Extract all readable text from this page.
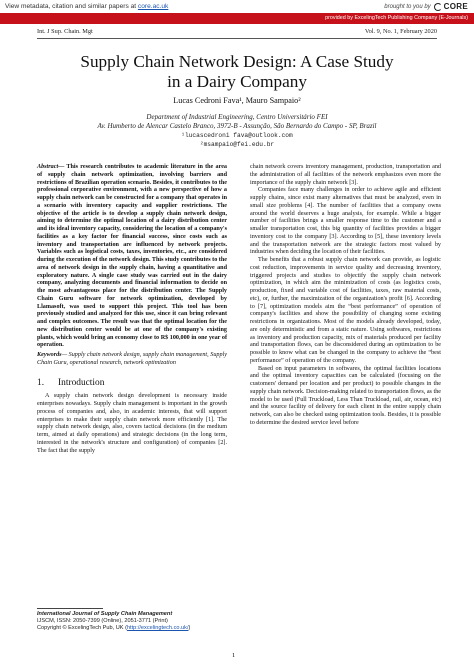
View metadata, citation and similar papers at core.ac.uk	brought to you by CORE
provided by ExcelingTech Publishing Company (E-Journals)
Int. J Sup. Chain. Mgt	Vol. 9, No. 1, February 2020
Supply Chain Network Design: A Case Study
in a Dairy Company
Lucas Cedroni Fava¹, Mauro Sampaio²
Department of Industrial Engineering, Centro Universitário FEI
Av. Humberto de Alencar Castelo Branco, 3972-B - Assunção, São Bernardo do Campo - SP, Brazil
¹lucascedroni fava@outlook.com
²msampaio@fei.edu.br
Abstract— This research contributes to academic literature in the area of supply chain network optimization, involving barriers and restrictions of Brazilian operation scenario. Besides, it contributes to the professional corporative environment, with a new perspective of how a supply chain network can be constructed for a company that operates in a scenario with inventory capacity and supplier restrictions. The objective of the article is to develop a supply chain network design, aiming to determine the optimal location of a dairy distribution center and its ideal inventory capacity, considering the location of a company's facilities as a key factor for financial success, since costs such as inventory and transportation are influenced by network projects. Variables such as logistical costs, taxes, inventories, etc., are considered during the execution of the network design. This study contributes to the area of network design in the supply chain, having a quantitative and exploratory nature. A single case study was carried out in the dairy company, analyzing documents and financial information to decide on the most advantageous place for the distribution center. The Supply Chain Guru software for network optimization, developed by Llamasoft, was used to support this project. This tool has been previously studied and analyzed for this use, since it can bring relevant and complex outcomes. The result was that the optimal location for the new distribution center would be at one of the company's existing plants, which would bring an economy close to R$ 100,000 in one year of operation.
Keywords— Supply chain network design, supply chain management, Supply Chain Guru, operational research, network optimization
1. Introduction

A supply chain network design development is necessary inside enterprises nowadays. Supply chain management is important in the growth process of companies and, also, in academic interests, that will support enterprises to make their supply chain network more efficiently [1]. The supply chain network design, also, covers tactical decisions (in the medium term, aimed at daily operations) and strategic decisions (in the long term, interested in the network's structure and configuration) of companies [2]. The fact that the supply

chain network covers inventory management, production, transportation and the administration of all facilities of the network emphasizes even more the importance of the supply chain network [3].

Companies face many challenges in order to achieve agile and efficient supply chains, since exist many alternatives that must be analyzed, even in small size problems [4]. The number of facilities that a company owns around the world deserves a huge analysis, for example. While a bigger number of facilities brings a smaller response time to the customer and a smaller transportation cost, this big quantity of facilities provides a bigger inventory cost to the company [3]. According to [5], these inventory levels and the transportation network are the strategic factors most valued by industries when deciding the location of their facilities.

The benefits that a robust supply chain network can provide, as logistic cost reduction, improvements in service quality and decreasing inventory, triggered projects and studies to objectify the supply chain network optimization, in which aim the minimization of costs (as logistics costs, production, fixed and variable cost of facilities, taxes, raw material costs, etc), or, further, the maximization of the organization's profit [6]. According to [7], optimization models aim the “best performance” of operation of company's facilities and show the possibility of changing some existing restrictions in organizations. Most of the models already developed, today, are only deterministic and from a static nature. Using softwares, restrictions as inventory and production capacity, mix of materials produced per facility and transportation flows, can be disconsidered during an optimization to be possible to know what can be changed in the company to achieve the “best performance” of operation of the company.

Based on input parameters in softwares, the optimal facilities locations and the optimal inventory capacities can be calculated (focusing on the customers' demand per location and per product) to possible changes in the supply chain network. Decision-making related to transportation flows, as the model to be used (Full Truckload, Less Than Truckload, rail, air, ocean, etc) and the source facility of delivery for each client in the entire supply chain network, can also be checked using optimization tools. Besides, it is possible to determine the desired service level before

International Journal of Supply Chain Management
IJSCM, ISSN: 2050-7399 (Online), 2051-3771 (Print)
Copyright © ExcelingTech Pub, UK (http://excelingtech.co.uk/)
1
